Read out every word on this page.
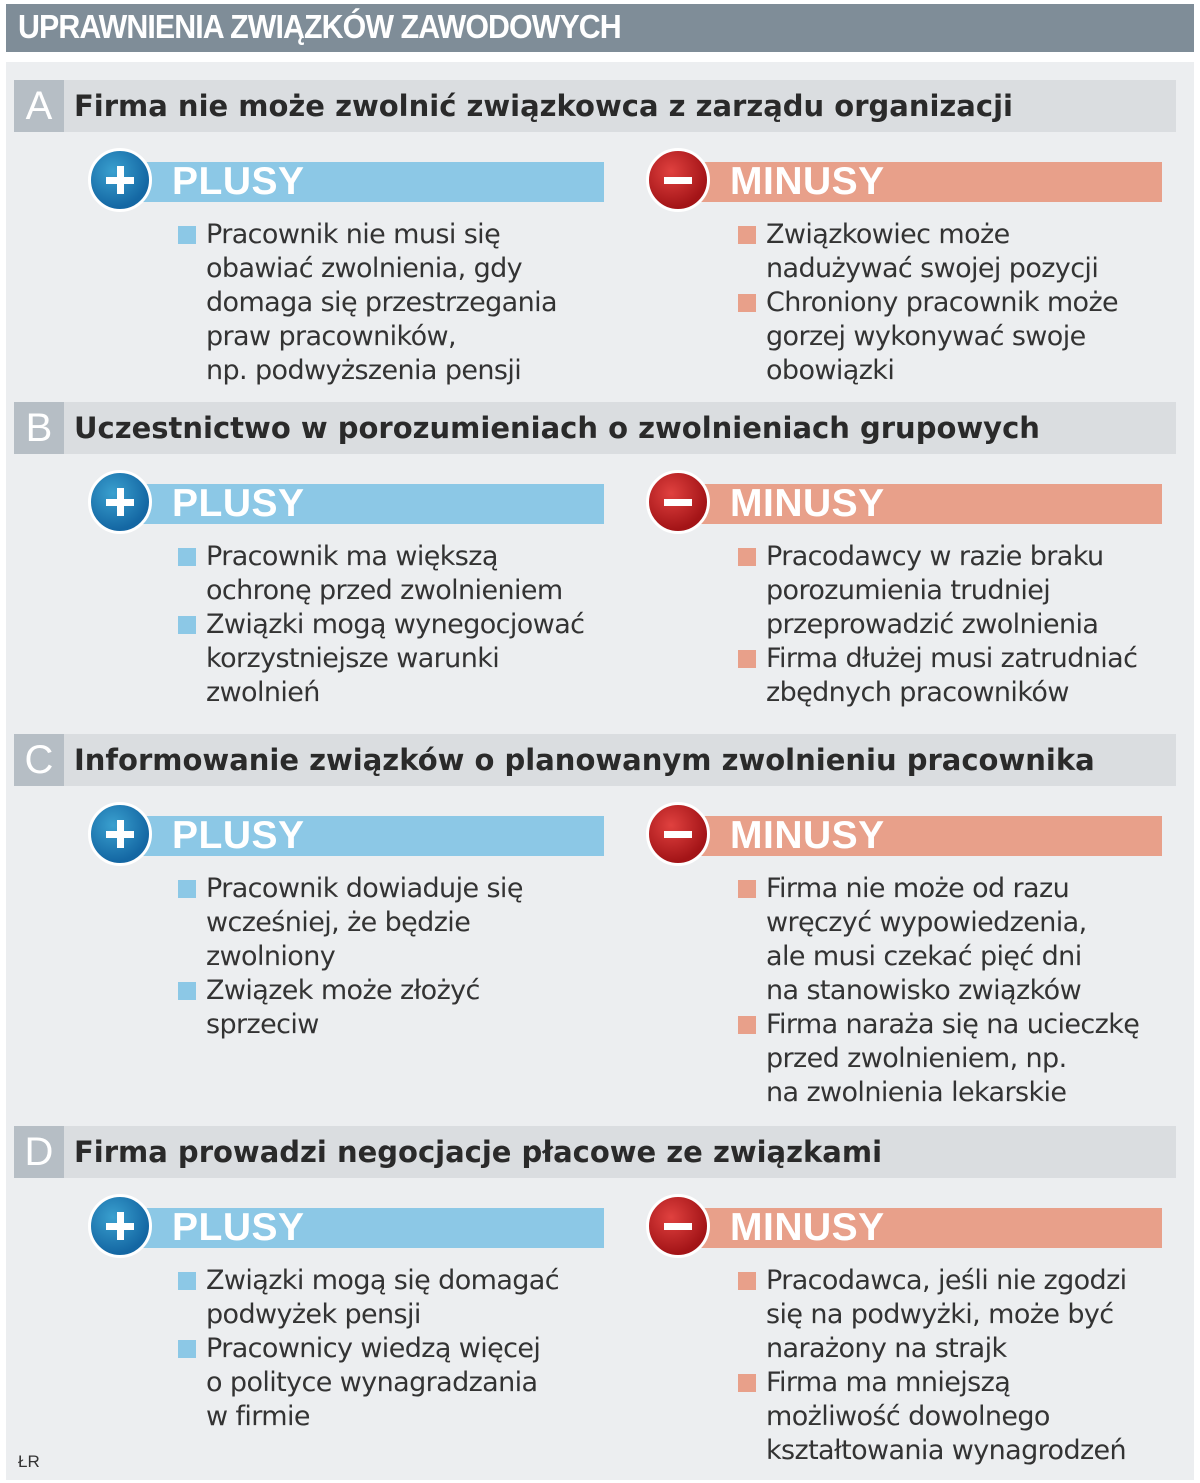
UPRAWNIENIA ZWIĄZKÓW ZAWODOWYCH
A Firma nie może zwolnić związkowca z zarządu organizacji
PLUSY
Pracownik nie musi się
obawiać zwolnienia, gdy
domaga się przestrzegania
praw pracowników,
np. podwyższenia pensji
MINUSY
Związkowiec może
nadużywać swojej pozycji
Chroniony pracownik może
gorzej wykonywać swoje
obowiązki
B Uczestnictwo w porozumieniach o zwolnieniach grupowych
PLUSY
Pracownik ma większą
ochronę przed zwolnieniem
Związki mogą wynegocjować
korzystniejsze warunki
zwolnień
MINUSY
Pracodawcy w razie braku
porozumienia trudniej
przeprowadzić zwolnienia
Firma dłużej musi zatrudniać
zbędnych pracowników
C Informowanie związków o planowanym zwolnieniu pracownika
PLUSY
Pracownik dowiaduje się
wcześniej, że będzie
zwolniony
Związek może złożyć
sprzeciw
MINUSY
Firma nie może od razu
wręczyć wypowiedzenia,
ale musi czekać pięć dni
na stanowisko związków
Firma naraża się na ucieczkę
przed zwolnieniem, np.
na zwolnienia lekarskie
D Firma prowadzi negocjacje płacowe ze związkami
PLUSY
Związki mogą się domagać
podwyżek pensji
Pracownicy wiedzą więcej
o polityce wynagradzania
w firmie
MINUSY
Pracodawca, jeśli nie zgodzi
się na podwyżki, może być
narażony na strajk
Firma ma mniejszą
możliwość dowolnego
kształtowania wynagrodzeń
ŁR
